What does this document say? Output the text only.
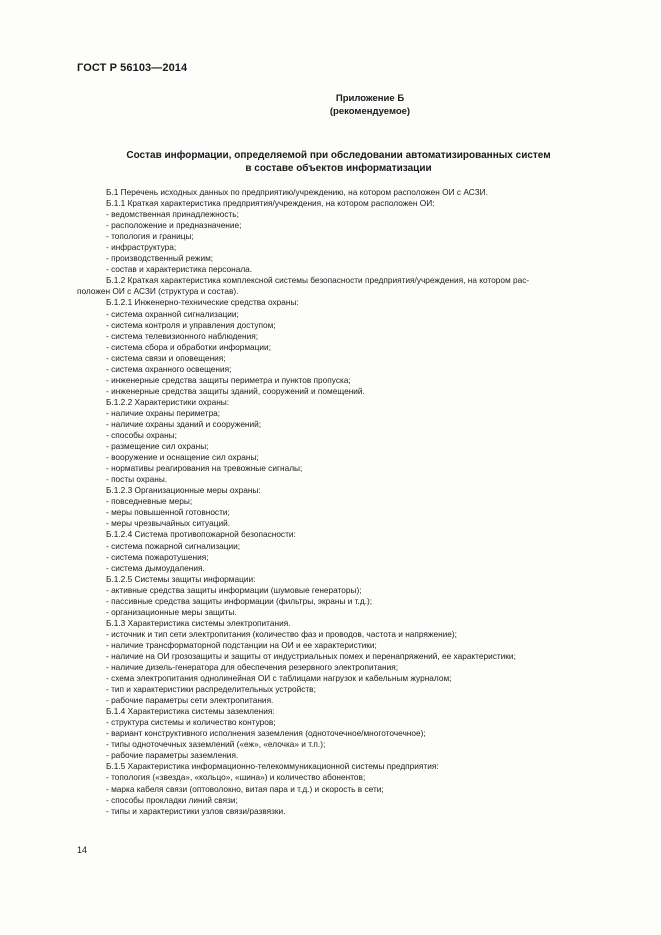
ГОСТ Р 56103—2014
Приложение Б
(рекомендуемое)
Состав информации, определяемой при обследовании автоматизированных систем
в составе объектов информатизации
Б.1 Перечень исходных данных по предприятию/учреждению, на котором расположен ОИ с АСЗИ.
Б.1.1 Краткая характеристика предприятия/учреждения, на котором расположен ОИ:
- ведомственная принадлежность;
- расположение и предназначение;
- топология и границы;
- инфраструктура;
- производственный режим;
- состав и характеристика персонала.
Б.1.2 Краткая характеристика комплексной системы безопасности предприятия/учреждения, на котором рас-
положен ОИ с АСЗИ (структура и состав).
Б.1.2.1 Инженерно-технические средства охраны:
- система охранной сигнализации;
- система контроля и управления доступом;
- система телевизионного наблюдения;
- система сбора и обработки информации;
- система связи и оповещения;
- система охранного освещения;
- инженерные средства защиты периметра и пунктов пропуска;
- инженерные средства защиты зданий, сооружений и помещений.
Б.1.2.2 Характеристики охраны:
- наличие охраны периметра;
- наличие охраны зданий и сооружений;
- способы охраны;
- размещение сил охраны;
- вооружение и оснащение сил охраны;
- нормативы реагирования на тревожные сигналы;
- посты охраны.
Б.1.2.3 Организационные меры охраны:
- повседневные меры;
- меры повышенной готовности;
- меры чрезвычайных ситуаций.
Б.1.2.4 Система противопожарной безопасности:
- система пожарной сигнализации;
- система пожаротушения;
- система дымоудаления.
Б.1.2.5 Системы защиты информации:
- активные средства защиты информации (шумовые генераторы);
- пассивные средства защиты информации (фильтры, экраны и т.д.);
- организационные меры защиты.
Б.1.3 Характеристика системы электропитания.
- источник и тип сети электропитания (количество фаз и проводов, частота и напряжение);
- наличие трансформаторной подстанции на ОИ и ее характеристики;
- наличие на ОИ грозозащиты и защиты от индустриальных помех и перенапряжений, ее характеристики;
- наличие дизель-генератора для обеспечения резервного электропитания;
- схема электропитания однолинейная ОИ с таблицами нагрузок и кабельным журналом;
- тип и характеристики распределительных устройств;
- рабочие параметры сети электропитания.
Б.1.4 Характеристика системы заземления:
- структура системы и количество контуров;
- вариант конструктивного исполнения заземления (одноточечное/многоточечное);
- типы одноточечных заземлений («еж», «елочка» и т.п.);
- рабочие параметры заземления.
Б.1.5 Характеристика информационно-телекоммуникационной системы предприятия:
- топология («звезда», «кольцо», «шина») и количество абонентов;
- марка кабеля связи (оптоволокно, витая пара и т.д.) и скорость в сети;
- способы прокладки линий связи;
- типы и характеристики узлов связи/развязки.
14
